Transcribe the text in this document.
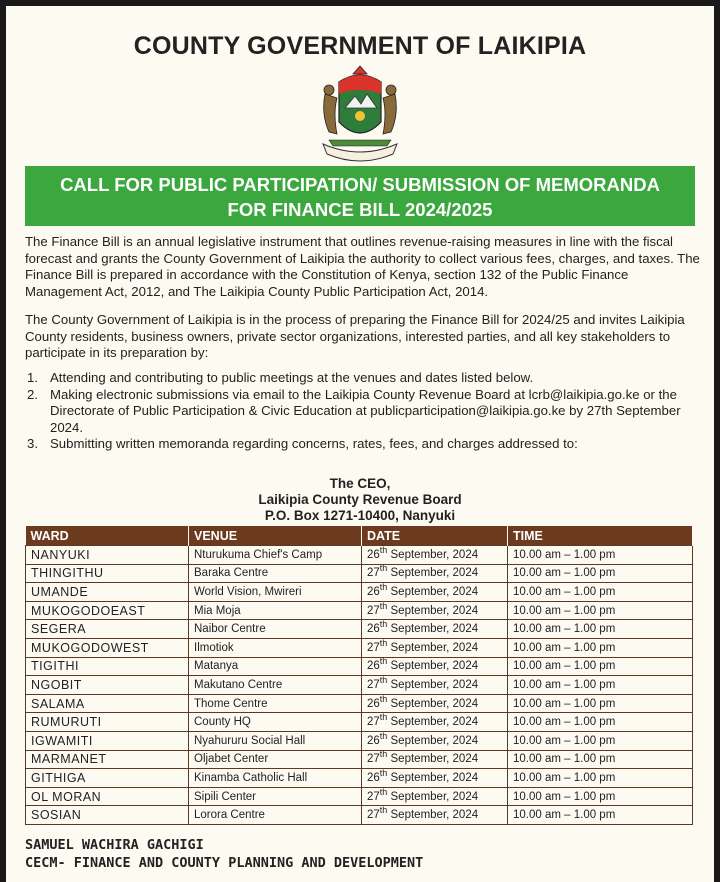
COUNTY GOVERNMENT OF LAIKIPIA
CALL FOR PUBLIC PARTICIPATION/ SUBMISSION OF MEMORANDA
FOR FINANCE BILL 2024/2025
The Finance Bill is an annual legislative instrument that outlines revenue-raising measures in line with the fiscal forecast and grants the County Government of Laikipia the authority to collect various fees, charges, and taxes. The Finance Bill is prepared in accordance with the Constitution of Kenya, section 132 of the Public Finance Management Act, 2012, and The Laikipia County Public Participation Act, 2014.
The County Government of Laikipia is in the process of preparing the Finance Bill for 2024/25 and invites Laikipia County residents, business owners, private sector organizations, interested parties, and all key stakeholders to participate in its preparation by:
1. Attending and contributing to public meetings at the venues and dates listed below.
2. Making electronic submissions via email to the Laikipia County Revenue Board at lcrb@laikipia.go.ke or the Directorate of Public Participation & Civic Education at publicparticipation@laikipia.go.ke by 27th September 2024.
3. Submitting written memoranda regarding concerns, rates, fees, and charges addressed to:
The CEO,
Laikipia County Revenue Board
P.O. Box 1271-10400, Nanyuki
WARD	VENUE	DATE	TIME
NANYUKI	Nturukuma Chief's Camp	26th September, 2024	10.00 am – 1.00 pm
THINGITHU	Baraka Centre	27th September, 2024	10.00 am – 1.00 pm
UMANDE	World Vision, Mwireri	26th September, 2024	10.00 am – 1.00 pm
MUKOGODOEAST	Mia Moja	27th September, 2024	10.00 am – 1.00 pm
SEGERA	Naibor Centre	26th September, 2024	10.00 am – 1.00 pm
MUKOGODOWEST	Ilmotiok	27th September, 2024	10.00 am – 1.00 pm
TIGITHI	Matanya	26th September, 2024	10.00 am – 1.00 pm
NGOBIT	Makutano Centre	27th September, 2024	10.00 am – 1.00 pm
SALAMA	Thome Centre	26th September, 2024	10.00 am – 1.00 pm
RUMURUTI	County HQ	27th September, 2024	10.00 am – 1.00 pm
IGWAMITI	Nyahururu Social Hall	26th September, 2024	10.00 am – 1.00 pm
MARMANET	Oljabet Center	27th September, 2024	10.00 am – 1.00 pm
GITHIGA	Kinamba Catholic Hall	26th September, 2024	10.00 am – 1.00 pm
OL MORAN	Sipili Center	27th September, 2024	10.00 am – 1.00 pm
SOSIAN	Lorora Centre	27th September, 2024	10.00 am – 1.00 pm
SAMUEL WACHIRA GACHIGI
CECM- FINANCE AND COUNTY PLANNING AND DEVELOPMENT
